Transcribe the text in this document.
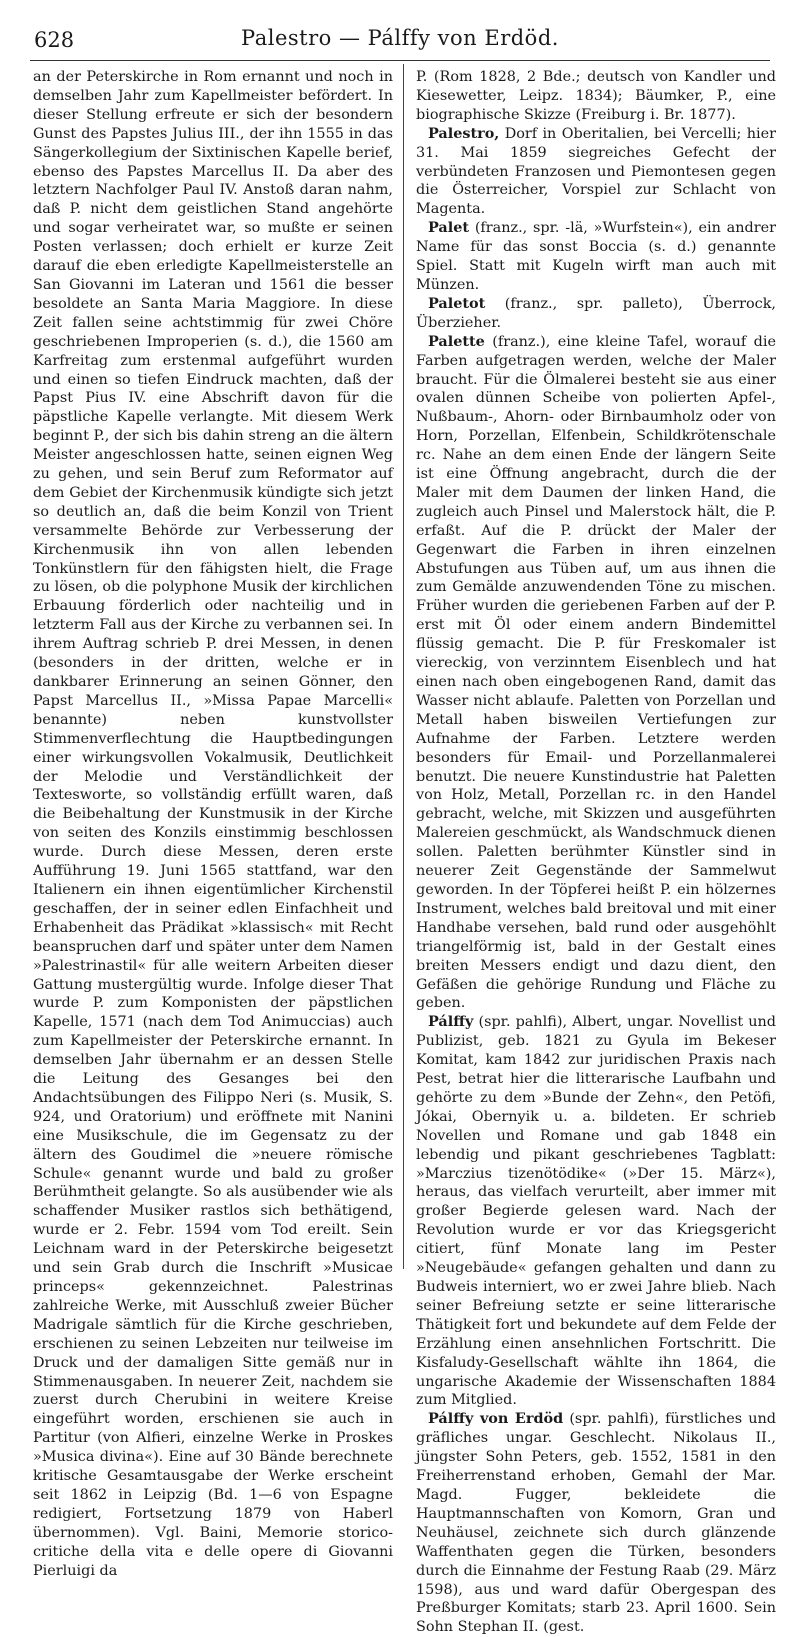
628	Palestro — Pálffy von Erdöd.

an der Peterskirche in Rom ernannt und noch in demselben Jahr zum Kapellmeister befördert. In dieser Stellung erfreute er sich der besondern Gunst des Papstes Julius III., der ihn 1555 in das Sängerkollegium der Sixtinischen Kapelle berief, ebenso des Papstes Marcellus II. Da aber des letztern Nachfolger Paul IV. Anstoß daran nahm, daß P. nicht dem geistlichen Stand angehörte und sogar verheiratet war, so mußte er seinen Posten verlassen; doch erhielt er kurze Zeit darauf die eben erledigte Kapellmeisterstelle an San Giovanni im Lateran und 1561 die besser besoldete an Santa Maria Maggiore. In diese Zeit fallen seine achtstimmig für zwei Chöre geschriebenen Improperien (s. d.), die 1560 am Karfreitag zum erstenmal aufgeführt wurden und einen so tiefen Eindruck machten, daß der Papst Pius IV. eine Abschrift davon für die päpstliche Kapelle verlangte. Mit diesem Werk beginnt P., der sich bis dahin streng an die ältern Meister angeschlossen hatte, seinen eignen Weg zu gehen, und sein Beruf zum Reformator auf dem Gebiet der Kirchenmusik kündigte sich jetzt so deutlich an, daß die beim Konzil von Trient versammelte Behörde zur Verbesserung der Kirchenmusik ihn von allen lebenden Tonkünstlern für den fähigsten hielt, die Frage zu lösen, ob die polyphone Musik der kirchlichen Erbauung förderlich oder nachteilig und in letzterm Fall aus der Kirche zu verbannen sei. In ihrem Auftrag schrieb P. drei Messen, in denen (besonders in der dritten, welche er in dankbarer Erinnerung an seinen Gönner, den Papst Marcellus II., »Missa Papae Marcelli« benannte) neben kunstvollster Stimmenverflechtung die Hauptbedingungen einer wirkungsvollen Vokalmusik, Deutlichkeit der Melodie und Verständlichkeit der Textesworte, so vollständig erfüllt waren, daß die Beibehaltung der Kunstmusik in der Kirche von seiten des Konzils einstimmig beschlossen wurde. Durch diese Messen, deren erste Aufführung 19. Juni 1565 stattfand, war den Italienern ein ihnen eigentümlicher Kirchenstil geschaffen, der in seiner edlen Einfachheit und Erhabenheit das Prädikat »klassisch« mit Recht beanspruchen darf und später unter dem Namen »Palestrinastil« für alle weitern Arbeiten dieser Gattung mustergültig wurde. Infolge dieser That wurde P. zum Komponisten der päpstlichen Kapelle, 1571 (nach dem Tod Animuccias) auch zum Kapellmeister der Peterskirche ernannt. In demselben Jahr übernahm er an dessen Stelle die Leitung des Gesanges bei den Andachtsübungen des Filippo Neri (s. Musik, S. 924, und Oratorium) und eröffnete mit Nanini eine Musikschule, die im Gegensatz zu der ältern des Goudimel die »neuere römische Schule« genannt wurde und bald zu großer Berühmtheit gelangte. So als ausübender wie als schaffender Musiker rastlos sich bethätigend, wurde er 2. Febr. 1594 vom Tod ereilt. Sein Leichnam ward in der Peterskirche beigesetzt und sein Grab durch die Inschrift »Musicae princeps« gekennzeichnet. Palestrinas zahlreiche Werke, mit Ausschluß zweier Bücher Madrigale sämtlich für die Kirche geschrieben, erschienen zu seinen Lebzeiten nur teilweise im Druck und der damaligen Sitte gemäß nur in Stimmenausgaben. In neuerer Zeit, nachdem sie zuerst durch Cherubini in weitere Kreise eingeführt worden, erschienen sie auch in Partitur (von Alfieri, einzelne Werke in Proskes »Musica divina«). Eine auf 30 Bände berechnete kritische Gesamtausgabe der Werke erscheint seit 1862 in Leipzig (Bd. 1—6 von Espagne redigiert, Fortsetzung 1879 von Haberl übernommen). Vgl. Baini, Memorie storico-critiche della vita e delle opere di Giovanni Pierluigi da

P. (Rom 1828, 2 Bde.; deutsch von Kandler und Kiesewetter, Leipz. 1834); Bäumker, P., eine biographische Skizze (Freiburg i. Br. 1877).

Palestro, Dorf in Oberitalien, bei Vercelli; hier 31. Mai 1859 siegreiches Gefecht der verbündeten Franzosen und Piemontesen gegen die Österreicher, Vorspiel zur Schlacht von Magenta.

Palet (franz., spr. -lä, »Wurfstein«), ein andrer Name für das sonst Boccia (s. d.) genannte Spiel. Statt mit Kugeln wirft man auch mit Münzen.

Paletot (franz., spr. palleto), Überrock, Überzieher.

Palette (franz.), eine kleine Tafel, worauf die Farben aufgetragen werden, welche der Maler braucht. Für die Ölmalerei besteht sie aus einer ovalen dünnen Scheibe von polierten Apfel-, Nußbaum-, Ahorn- oder Birnbaumholz oder von Horn, Porzellan, Elfenbein, Schildkrötenschale rc. Nahe an dem einen Ende der längern Seite ist eine Öffnung angebracht, durch die der Maler mit dem Daumen der linken Hand, die zugleich auch Pinsel und Malerstock hält, die P. erfaßt. Auf die P. drückt der Maler der Gegenwart die Farben in ihren einzelnen Abstufungen aus Tüben auf, um aus ihnen die zum Gemälde anzuwendenden Töne zu mischen. Früher wurden die geriebenen Farben auf der P. erst mit Öl oder einem andern Bindemittel flüssig gemacht. Die P. für Freskomaler ist viereckig, von verzinntem Eisenblech und hat einen nach oben eingebogenen Rand, damit das Wasser nicht ablaufe. Paletten von Porzellan und Metall haben bisweilen Vertiefungen zur Aufnahme der Farben. Letztere werden besonders für Email- und Porzellanmalerei benutzt. Die neuere Kunstindustrie hat Paletten von Holz, Metall, Porzellan rc. in den Handel gebracht, welche, mit Skizzen und ausgeführten Malereien geschmückt, als Wandschmuck dienen sollen. Paletten berühmter Künstler sind in neuerer Zeit Gegenstände der Sammelwut geworden. In der Töpferei heißt P. ein hölzernes Instrument, welches bald breitoval und mit einer Handhabe versehen, bald rund oder ausgehöhlt triangelförmig ist, bald in der Gestalt eines breiten Messers endigt und dazu dient, den Gefäßen die gehörige Rundung und Fläche zu geben.

Pálffy (spr. pahlfi), Albert, ungar. Novellist und Publizist, geb. 1821 zu Gyula im Bekeser Komitat, kam 1842 zur juridischen Praxis nach Pest, betrat hier die litterarische Laufbahn und gehörte zu dem »Bunde der Zehn«, den Petöfi, Jókai, Obernyik u. a. bildeten. Er schrieb Novellen und Romane und gab 1848 ein lebendig und pikant geschriebenes Tagblatt: »Marczius tizenötödike« (»Der 15. März«), heraus, das vielfach verurteilt, aber immer mit großer Begierde gelesen ward. Nach der Revolution wurde er vor das Kriegsgericht citiert, fünf Monate lang im Pester »Neugebäude« gefangen gehalten und dann zu Budweis interniert, wo er zwei Jahre blieb. Nach seiner Befreiung setzte er seine litterarische Thätigkeit fort und bekundete auf dem Felde der Erzählung einen ansehnlichen Fortschritt. Die Kisfaludy-Gesellschaft wählte ihn 1864, die ungarische Akademie der Wissenschaften 1884 zum Mitglied.

Pálffy von Erdöd (spr. pahlfi), fürstliches und gräfliches ungar. Geschlecht. Nikolaus II., jüngster Sohn Peters, geb. 1552, 1581 in den Freiherrenstand erhoben, Gemahl der Mar. Magd. Fugger, bekleidete die Hauptmannschaften von Komorn, Gran und Neuhäusel, zeichnete sich durch glänzende Waffenthaten gegen die Türken, besonders durch die Einnahme der Festung Raab (29. März 1598), aus und ward dafür Obergespan des Preßburger Komitats; starb 23. April 1600. Sein Sohn Stephan II. (gest.
